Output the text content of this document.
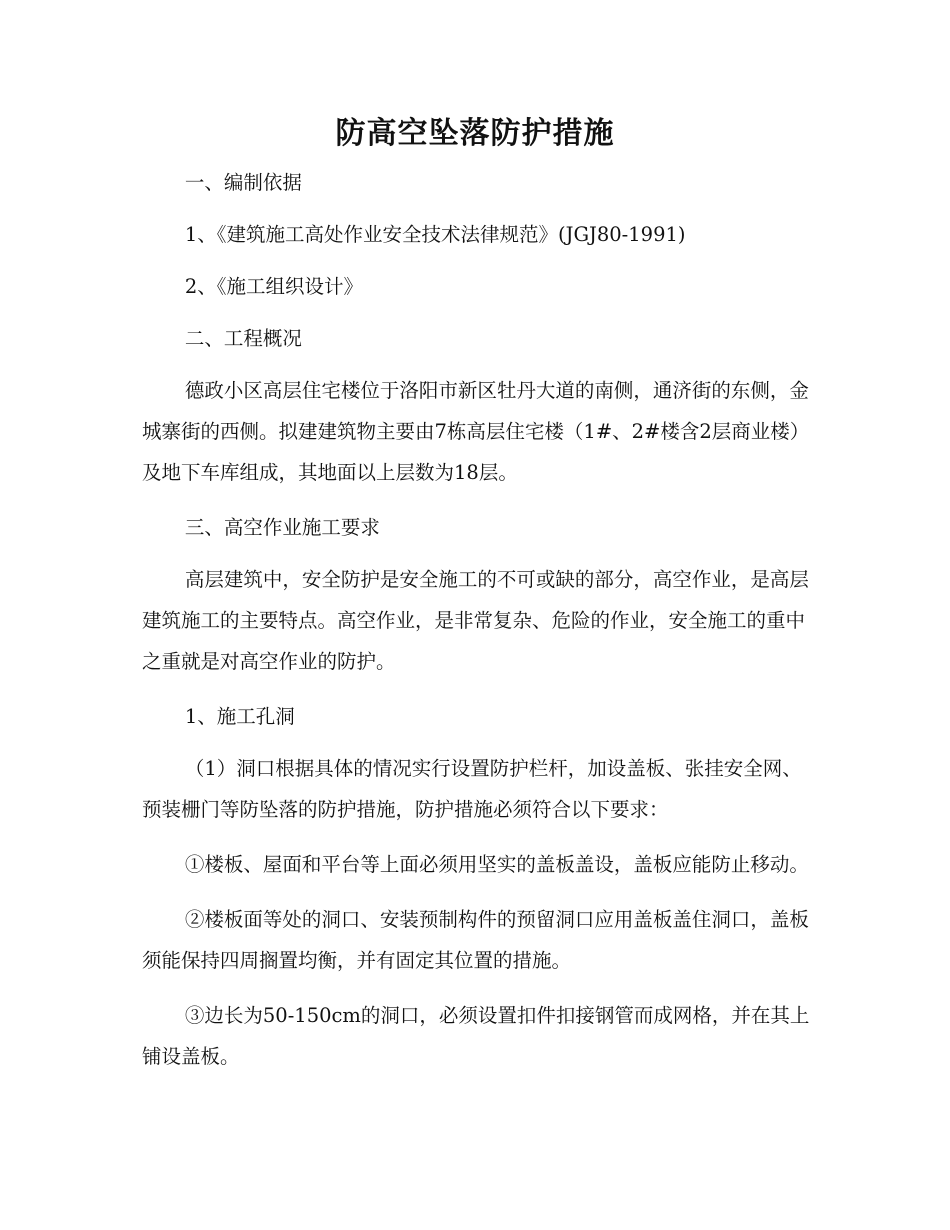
防高空坠落防护措施

一、编制依据

1、《建筑施工高处作业安全技术法律规范》(JGJ80-1991)

2、《施工组织设计》

二、工程概况

德政小区高层住宅楼位于洛阳市新区牡丹大道的南侧，通济街的东侧，金城寨街的西侧。拟建建筑物主要由7栋高层住宅楼（1#、2#楼含2层商业楼）及地下车库组成，其地面以上层数为18层。

三、高空作业施工要求

高层建筑中，安全防护是安全施工的不可或缺的部分，高空作业，是高层建筑施工的主要特点。高空作业，是非常复杂、危险的作业，安全施工的重中之重就是对高空作业的防护。

1、施工孔洞

（1）洞口根据具体的情况实行设置防护栏杆，加设盖板、张挂安全网、预装栅门等防坠落的防护措施，防护措施必须符合以下要求：

①楼板、屋面和平台等上面必须用坚实的盖板盖设，盖板应能防止移动。

②楼板面等处的洞口、安装预制构件的预留洞口应用盖板盖住洞口，盖板须能保持四周搁置均衡，并有固定其位置的措施。

③边长为50-150cm的洞口，必须设置扣件扣接钢管而成网格，并在其上铺设盖板。
